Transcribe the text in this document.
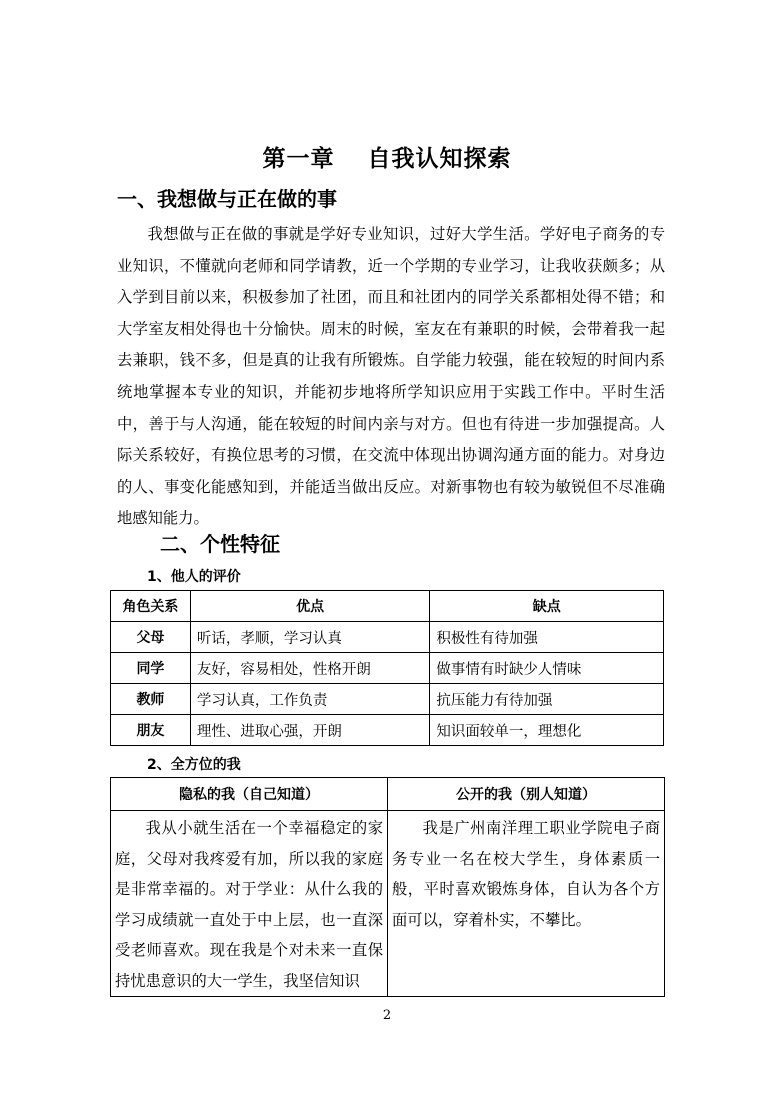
第一章　 自我认知探索
一、我想做与正在做的事

我想做与正在做的事就是学好专业知识，过好大学生活。学好电子商务的专业知识，不懂就向老师和同学请教，近一个学期的专业学习，让我收获颇多；从入学到目前以来，积极参加了社团，而且和社团内的同学关系都相处得不错；和大学室友相处得也十分愉快。周末的时候，室友在有兼职的时候，会带着我一起去兼职，钱不多，但是真的让我有所锻炼。自学能力较强，能在较短的时间内系统地掌握本专业的知识，并能初步地将所学知识应用于实践工作中。平时生活中，善于与人沟通，能在较短的时间内亲与对方。但也有待进一步加强提高。人际关系较好，有换位思考的习惯，在交流中体现出协调沟通方面的能力。对身边的人、事变化能感知到，并能适当做出反应。对新事物也有较为敏锐但不尽准确地感知能力。

二、个性特征
1、他人的评价
角色关系	优点	缺点
父母	听话，孝顺，学习认真	积极性有待加强
同学	友好，容易相处，性格开朗	做事情有时缺少人情味
教师	学习认真，工作负责	抗压能力有待加强
朋友	理性、进取心强，开朗	知识面较单一，理想化
2、全方位的我
隐私的我（自己知道）	公开的我（别人知道）

我从小就生活在一个幸福稳定的家庭，父母对我疼爱有加，所以我的家庭是非常幸福的。对于学业：从什么我的学习成绩就一直处于中上层，也一直深受老师喜欢。现在我是个对未来一直保持忧患意识的大一学生，我坚信知识	我是广州南洋理工职业学院电子商务专业一名在校大学生，身体素质一般，平时喜欢锻炼身体，自认为各个方面可以，穿着朴实，不攀比。

2
